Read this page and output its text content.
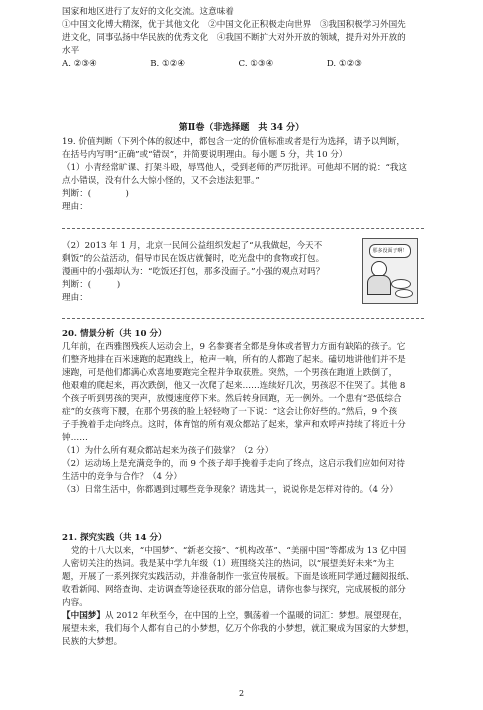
国家和地区进行了友好的文化交流。这意味着
①中国文化博大精深，优于其他文化　②中国文化正积极走向世界　③我国积极学习外国先
进文化，同事弘扬中华民族的优秀文化　④我国不断扩大对外开放的领域，提升对外开放的
水平
A. ②③④	B. ①②④	C. ①③④	D. ①②③
第Ⅱ卷（非选择题　共 34 分）
19. 价值判断（下列个体的叙述中，都包含一定的价值标准或者是行为选择，请予以判断，
在括号内写明“正确”或“错误”，并简要说明理由。每小题 5 分，共 10 分）
（1）小青经常旷课、打架斗殴，辱骂他人，受到老师的严厉批评。可他却不屑的说：“我这
点小错误，没有什么大惊小怪的，又不会违法犯罪。”
判断：(　　　　)
理由：
（2）2013 年 1 月，北京一民间公益组织发起了“从我做起，今天不
剩饭”的公益活动，倡导市民在饭店就餐时，吃光盘中的食物或打包。
漫画中的小强却认为：“吃饭还打包，那多没面子。”小强的观点对吗？
判断：(　　　)
理由：
那多没面子啊！
20. 情景分析（共 10 分）
几年前，在西雅图残疾人运动会上，9 名参赛者全都是身体或者智力方面有缺陷的孩子。它
们整齐地排在百米速跑的起跑线上，枪声一响，所有的人都跑了起来。磕切地讲他们并不是
速跑，可是他们都满心欢喜地要跑完全程并争取获胜。突然，一个男孩在跑道上跌倒了，
他艰难的爬起来，再次跌倒，他又一次爬了起来……连续好几次，男孩忍不住哭了。其他 8
个孩子听到男孩的哭声，放慢速度停下来。然后转身回跑，无一例外。一个患有“恐低综合
症”的女孩弯下腰，在那个男孩的脸上轻轻吻了一下说：“这会让你好些的。”然后，9 个孩
子手挽着手走向终点。这时，体育馆的所有观众都站了起来，掌声和欢呼声持续了将近十分
钟……
（1）为什么所有观众都站起来为孩子们鼓掌？（2 分）
（2）运动场上是充满竞争的，而 9 个孩子却手挽着手走向了终点，这启示我们应如何对待
生活中的竞争与合作？（4 分）
（3）日常生活中，你都遇到过哪些竞争现象？请选其一，说说你是怎样对待的。（4 分）
21. 探究实践（共 14 分）
党的十八大以来，“中国梦”、“新老交接”、“机构改革”、“美丽中国”等都成为 13 亿中国
人密切关注的热词。我是某中学九年级（1）班围绕关注的热词，以“展望美好未来”为主
题，开展了一系列探究实践活动，并准备制作一张宣传展板。下面是该班同学通过翻阅报纸、
收看新闻、网络查询、走访调查等途径获取的部分信息，请你也参与探究，完成展板的部分
内容。
【中国梦】从 2012 年秋至今，在中国的上空，飘荡着一个温暖的词汇：梦想。展望现在，
展望未来，我们每个人都有自己的小梦想，亿万个你我的小梦想，就汇聚成为国家的大梦想，
民族的大梦想。
2
